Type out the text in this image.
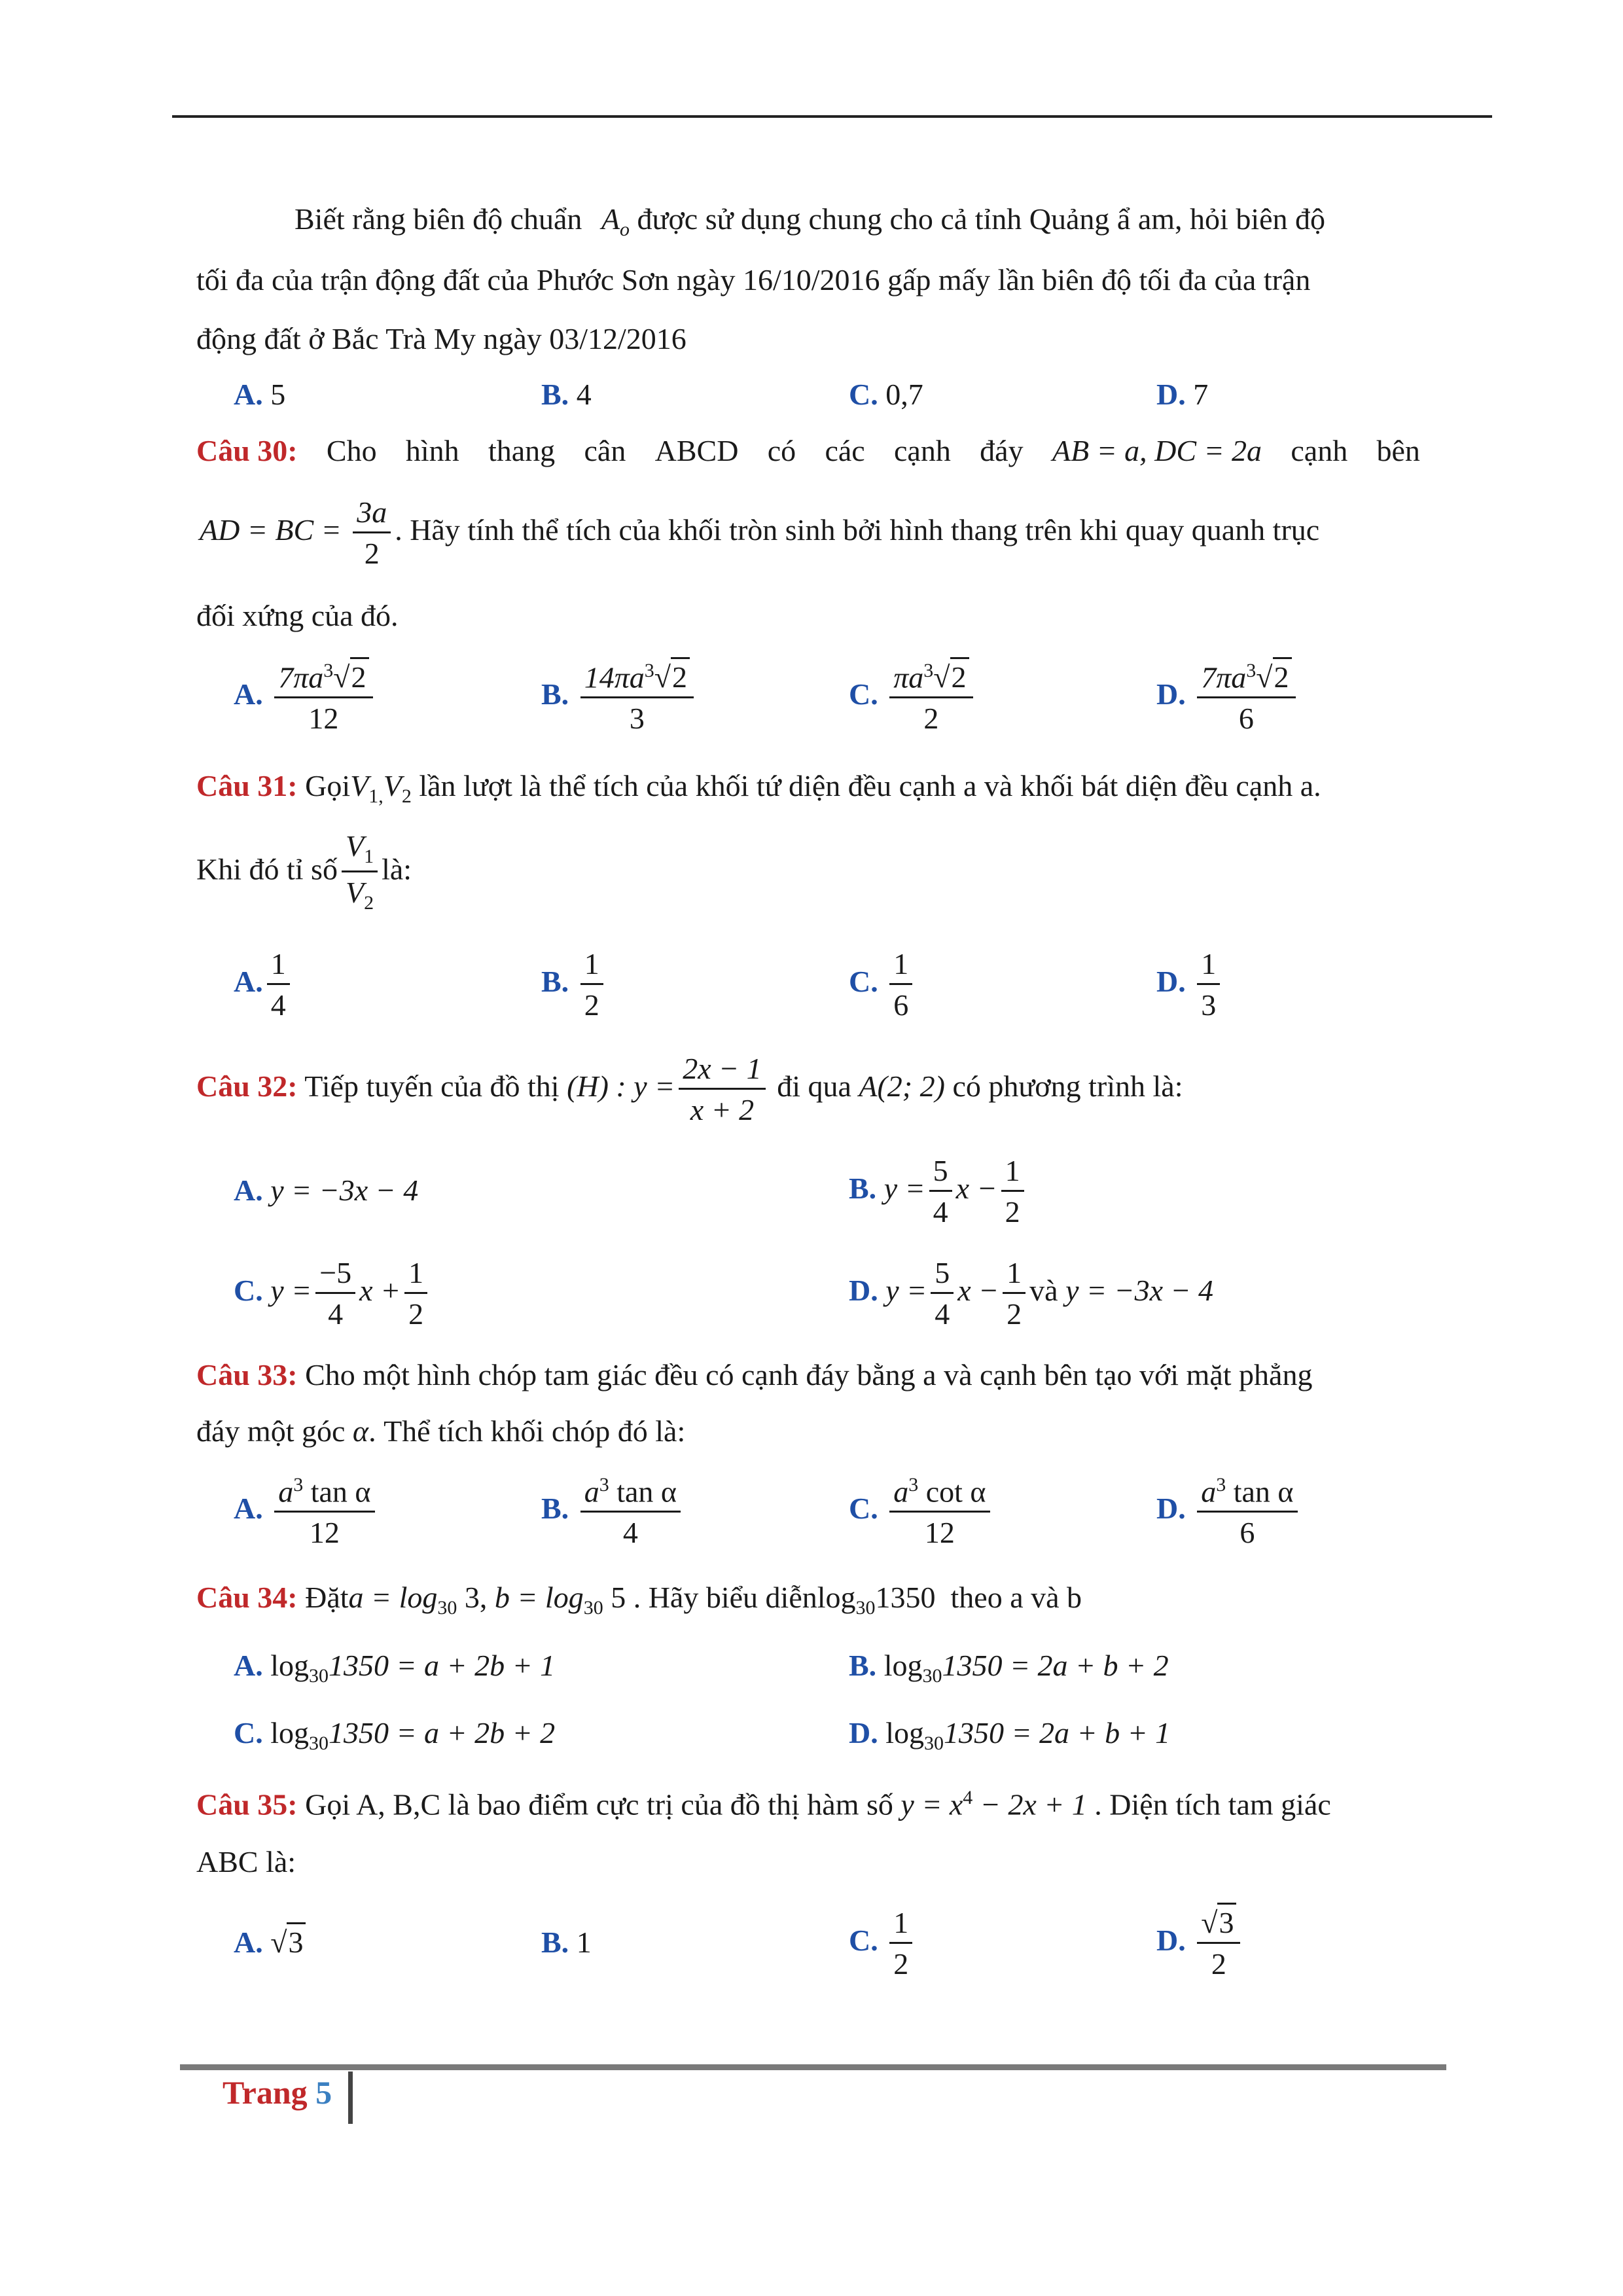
Biết rằng biên độ chuẩn $A_o$ được sử dụng chung cho cả tỉnh Quảng ẩ am, hỏi biên độ
tối đa của trận động đất của Phước Sơn ngày 16/10/2016 gấp mấy lần biên độ tối đa của trận
động đất ở Bắc Trà My ngày 03/12/2016
A. 5	B. 4	C. 0,7	D. 7
Câu 30: Cho hình thang cân ABCD có các cạnh đáy AB = a, DC = 2a cạnh bên
AD = BC = $\frac{3a}{2}$ . Hãy tính thể tích của khối tròn sinh bởi hình thang trên khi quay quanh trục
đối xứng của đó.
A. $\frac{7\pi a^3√2}{12}$	B. $\frac{14\pi a^3√2}{3}$	C. $\frac{\pi a^3√2}{2}$	D. $\frac{7\pi a^3√2}{6}$
Câu 31: $GọiV_{1,}V_2$ lần lượt là thể tích của khối tứ diện đều cạnh a và khối bát diện đều cạnh a.
Khi đó tỉ số $\frac{V_1}{V_2}$ là:
A. $\frac{1}{4}$	B. $\frac{1}{2}$	C. $\frac{1}{6}$	D. $\frac{1}{3}$
Câu 32: Tiếp tuyến của đồ thị (H) : $y = \frac{2x - 1}{x + 2}$ đi qua A(2; 2) có phương trình là:
A. y = −3x − 4	B. $y = \frac{5}{4}$ $x - \frac{1}{2}$
C. $y = \frac{-5}{4}$ $x + \frac{1}{2}$	D. $y = \frac{5}{4}$ $x - \frac{1}{2}$ và y = −3x − 4
Câu 33: Cho một hình chóp tam giác đều có cạnh đáy bằng a và cạnh bên tạo với mặt phẳng
đáy một góc α. Thể tích khối chóp đó là:
A. $\frac{a^3 \tan \alpha}{12}$	B. $\frac{a^3 \tan \alpha}{4}$	C. $\frac{a^3 \cot \alpha}{12}$	D. $\frac{a^3 \tan \alpha}{6}$
Câu 34: Đặta = $\log_{30} 3$, $b = \log_{30} 5$ . Hãy biểu diễnlog$_{30}$1350 theo a và b
A. $\log_{30}1350 = a + 2b + 1$	B. $\log_{30}1350 = 2a + b + 2$
C. $\log_{30}1350 = a + 2b + 2$	D. $\log_{30}1350 = 2a + b + 1$
Câu 35: Gọi A, B,C là bao điểm cực trị của đồ thị hàm số $y = x^4 - 2x + 1$ . Diện tích tam giác
ABC là:
A. √3	B. 1	C. $\frac{1}{2}$	D. $\frac{√3}{2}$
Trang 5
